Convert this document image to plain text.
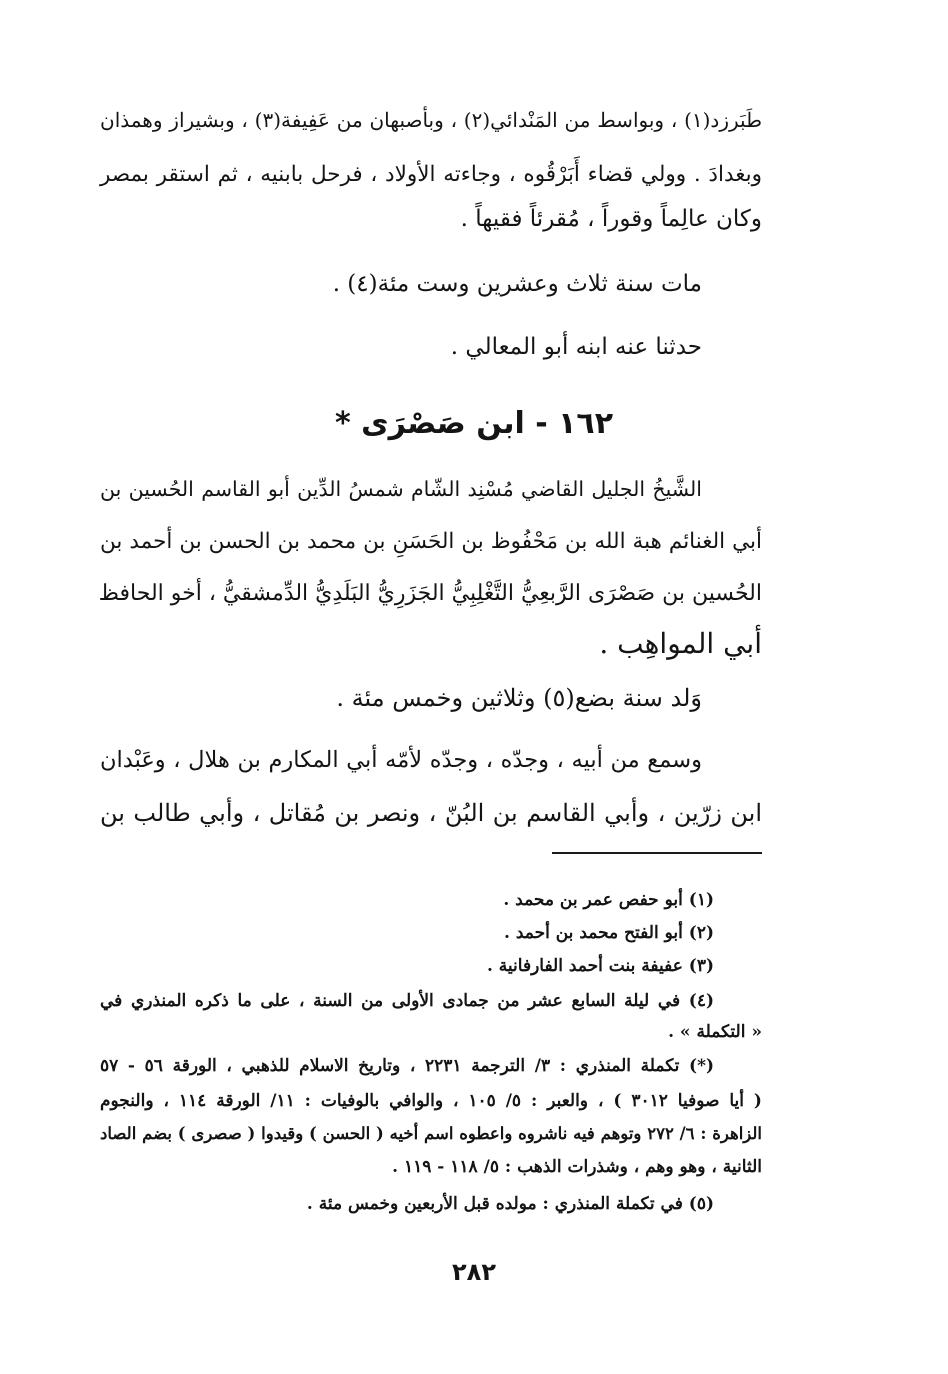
طَبَرزد(١) ، وبواسط من المَنْدائي(٢) ، وبأصبهان من عَفِيفة(٣) ، وبشيراز وهمذان
وبغدادَ . وولي قضاء أَبَرْقُوه ، وجاءته الأولاد ، فرحل بابنيه ، ثم استقر بمصر
وكان عالِماً وقوراً ، مُقرئاً فقيهاً .
مات سنة ثلاث وعشرين وست مئة(٤) .
حدثنا عنه ابنه أبو المعالي .
١٦٢ - ابن صَصْرَى *
الشَّيخُ الجليل القاضي مُسْنِد الشّام شمسُ الدِّين أبو القاسم الحُسين بن
أبي الغنائم هبة الله بن مَحْفُوظ بن الحَسَنِ بن محمد بن الحسن بن أحمد بن
الحُسين بن صَصْرَى الرَّبعِيُّ التَّغْلِبِيُّ الجَزَرِيُّ البَلَدِيُّ الدِّمشقيُّ ، أخو الحافظ
أبي المواهِب .
وَلد سنة بضع(٥) وثلاثين وخمس مئة .
وسمع من أبيه ، وجدّه ، وجدّه لأمّه أبي المكارم بن هلال ، وعَبْدان
ابن زرّين ، وأبي القاسم بن البُنّ ، ونصر بن مُقاتل ، وأبي طالب بن
(١) أبو حفص عمر بن محمد .
(٢) أبو الفتح محمد بن أحمد .
(٣) عفيفة بنت أحمد الفارفانية .
(٤) في ليلة السابع عشر من جمادى الأولى من السنة ، على ما ذكره المنذري في
« التكملة » .
(*) تكملة المنذري : ٣/ الترجمة ٢٢٣١ ، وتاريخ الاسلام للذهبي ، الورقة ٥٦ - ٥٧
( أيا صوفيا ٣٠١٢ ) ، والعبر : ٥/ ١٠٥ ، والوافي بالوفيات : ١١/ الورقة ١١٤ ، والنجوم
الزاهرة : ٦/ ٢٧٢ وتوهم فيه ناشروه واعطوه اسم أخيه ( الحسن ) وقيدوا ( صصرى ) بضم الصاد
الثانية ، وهو وهم ، وشذرات الذهب : ٥/ ١١٨ - ١١٩ .
(٥) في تكملة المنذري : مولده قبل الأربعين وخمس مئة .
٢٨٢
